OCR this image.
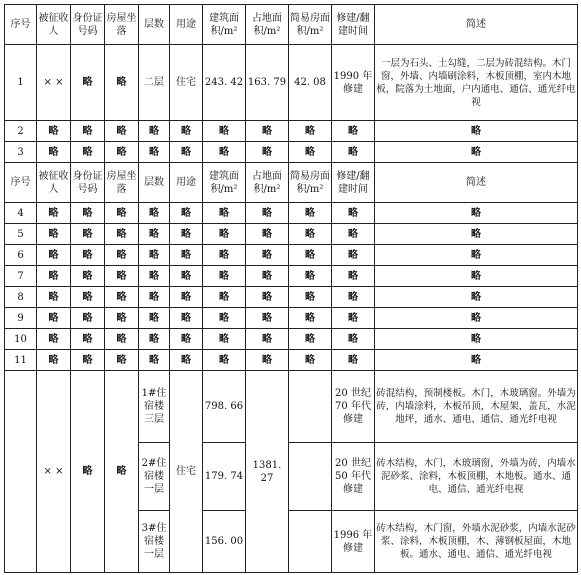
序号	被征收人	身份证号码	房屋坐落	层数	用途	建筑面积/m²	占地面积/m²	简易房面积/m²	修建/翻建时间	简述
1	× ×	略	略	二层	住宅	243. 42	163. 79	42. 08	1990 年修建	一层为石头、土勾缝，二层为砖混结构。木门窗，外墙、内墙刷涂料，木板顶棚，室内木地板，院落为土地面，户内通电、通信、通光纤电视
2	略	略	略	略	略	略	略	略	略	略
3	略	略	略	略	略	略	略	略	略	略
序号	被征收人	身份证号码	房屋坐落	层数	用途	建筑面积/m²	占地面积/m²	简易房面积/m²	修建/翻建时间	简述
4	略	略	略	略	略	略	略	略	略	略
5	略	略	略	略	略	略	略	略	略	略
6	略	略	略	略	略	略	略	略	略	略
7	略	略	略	略	略	略	略	略	略	略
8	略	略	略	略	略	略	略	略	略	略
9	略	略	略	略	略	略	略	略	略	略
10	略	略	略	略	略	略	略	略	略	略
11	略	略	略	略	略	略	略	略	略	略
	× ×	略	略	1#住宿楼三层	住宅	798. 66	1381. 27		20 世纪 70 年代修建	砖混结构，预制楼板。木门，木玻璃窗。外墙为砖，内墙涂料，木板吊顶，木屋架，盖瓦，水泥地坪，通水、通电、通信、通光纤电视
				2#住宿楼一层		179. 74			20 世纪 50 年代修建	砖木结构，木门，木玻璃窗，外墙为砖，内墙水泥砂浆、涂料，木板顶棚，木地板。通水、通电、通信、通光纤电视
				3#住宿楼一层		156. 00			1996 年修建	砖木结构，木门窗，外墙水泥砂浆，内墙水泥砂浆、涂料，木板顶棚，木、薄钢板屋面，木地板。通水、通电、通信、通光纤电视
